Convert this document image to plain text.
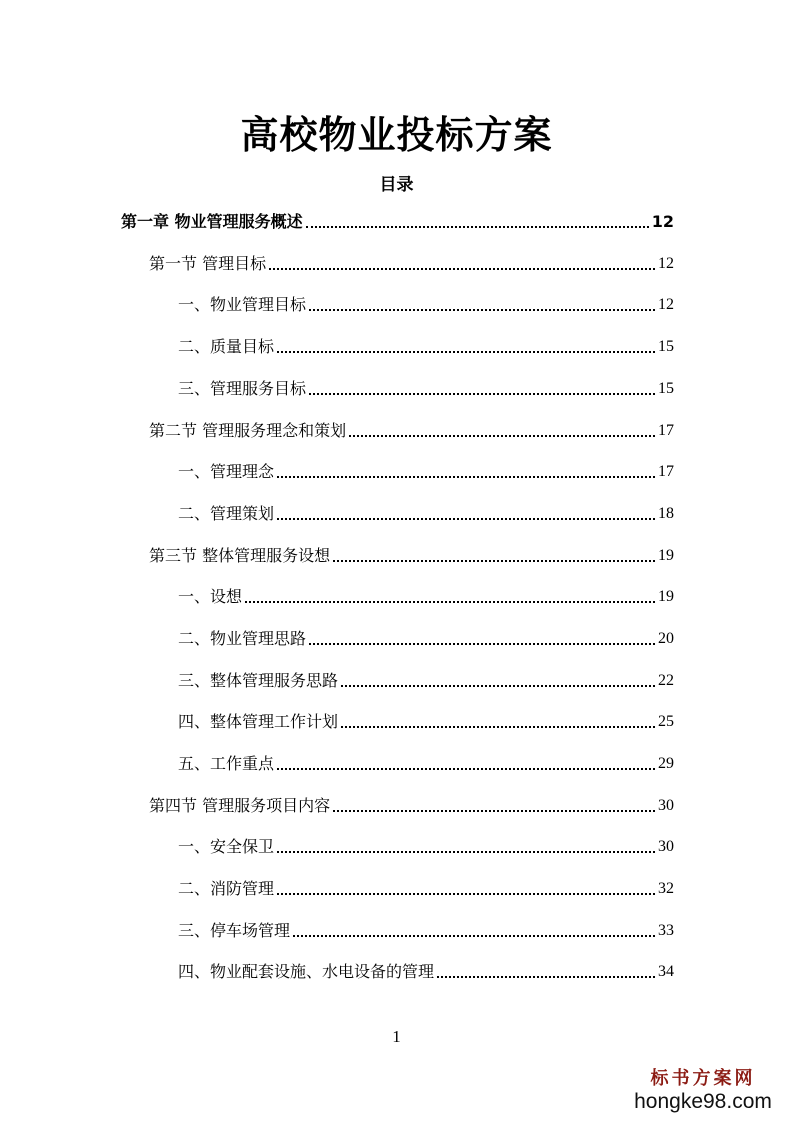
高校物业投标方案
目录
第一章 物业管理服务概述	12
第一节 管理目标	12
一、物业管理目标	12
二、质量目标	15
三、管理服务目标	15
第二节 管理服务理念和策划	17
一、管理理念	17
二、管理策划	18
第三节 整体管理服务设想	19
一、设想	19
二、物业管理思路	20
三、整体管理服务思路	22
四、整体管理工作计划	25
五、工作重点	29
第四节 管理服务项目内容	30
一、安全保卫	30
二、消防管理	32
三、停车场管理	33
四、物业配套设施、水电设备的管理	34
1
标书方案网
hongke98.com
